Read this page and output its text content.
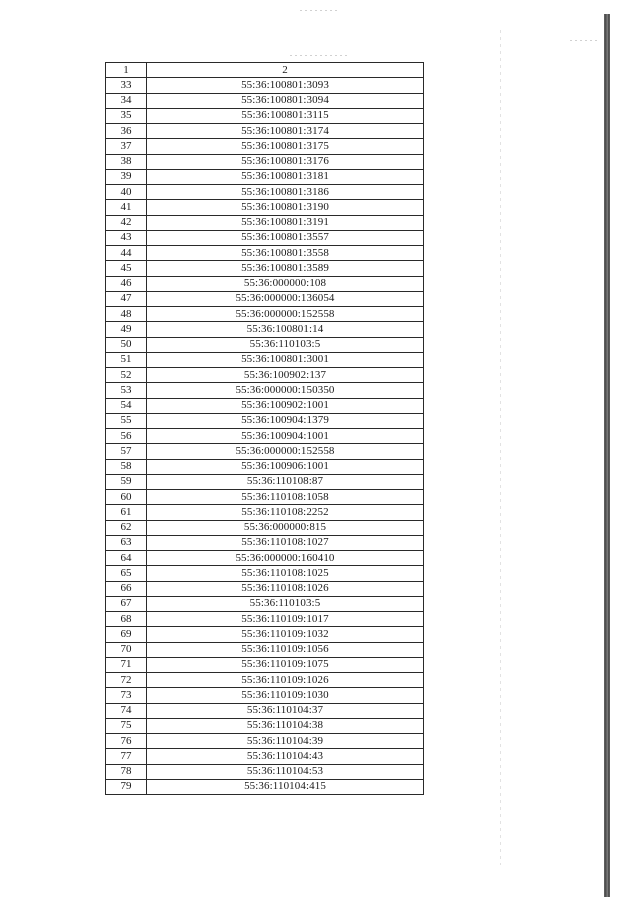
1	2
33	55:36:100801:3093
34	55:36:100801:3094
35	55:36:100801:3115
36	55:36:100801:3174
37	55:36:100801:3175
38	55:36:100801:3176
39	55:36:100801:3181
40	55:36:100801:3186
41	55:36:100801:3190
42	55:36:100801:3191
43	55:36:100801:3557
44	55:36:100801:3558
45	55:36:100801:3589
46	55:36:000000:108
47	55:36:000000:136054
48	55:36:000000:152558
49	55:36:100801:14
50	55:36:110103:5
51	55:36:100801:3001
52	55:36:100902:137
53	55:36:000000:150350
54	55:36:100902:1001
55	55:36:100904:1379
56	55:36:100904:1001
57	55:36:000000:152558
58	55:36:100906:1001
59	55:36:110108:87
60	55:36:110108:1058
61	55:36:110108:2252
62	55:36:000000:815
63	55:36:110108:1027
64	55:36:000000:160410
65	55:36:110108:1025
66	55:36:110108:1026
67	55:36:110103:5
68	55:36:110109:1017
69	55:36:110109:1032
70	55:36:110109:1056
71	55:36:110109:1075
72	55:36:110109:1026
73	55:36:110109:1030
74	55:36:110104:37
75	55:36:110104:38
76	55:36:110104:39
77	55:36:110104:43
78	55:36:110104:53
79	55:36:110104:415
